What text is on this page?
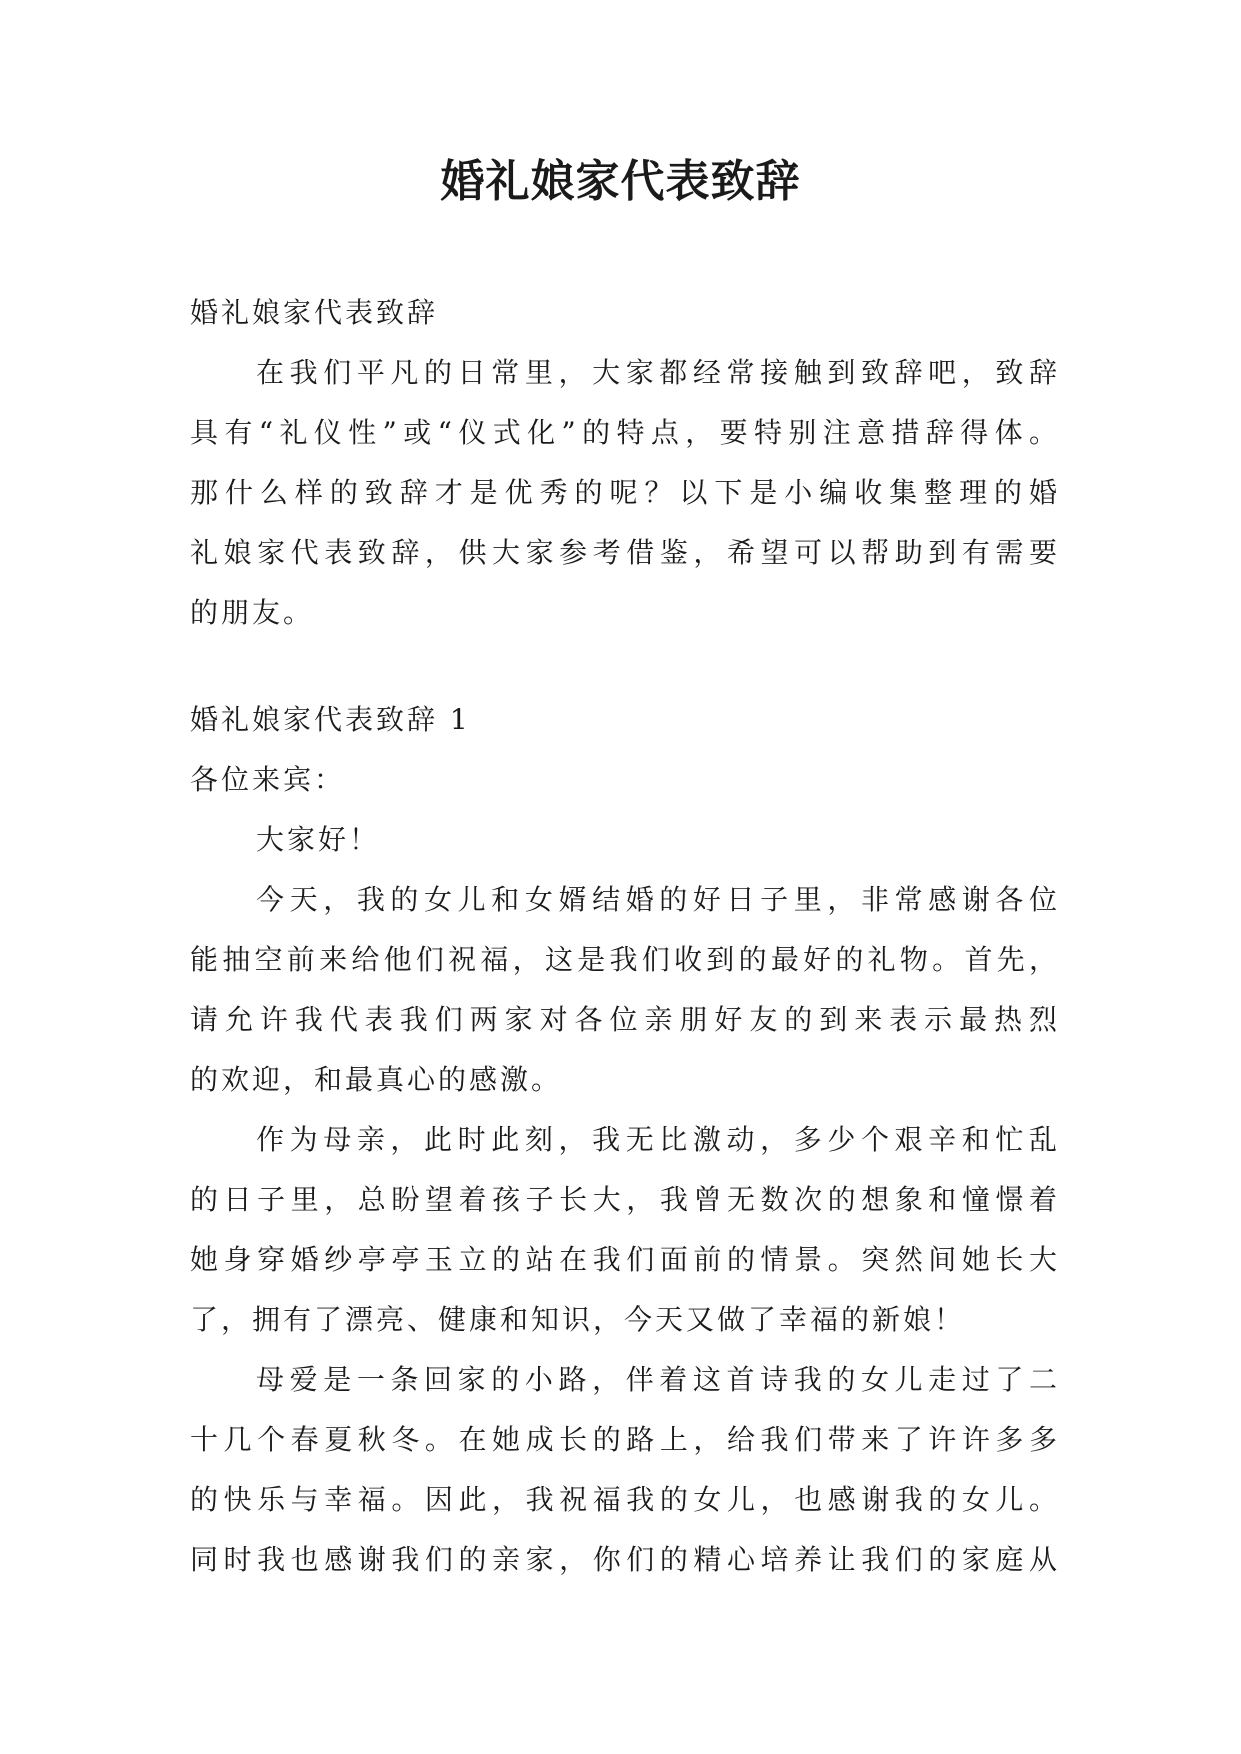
婚礼娘家代表致辞
婚礼娘家代表致辞
在我们平凡的日常里，大家都经常接触到致辞吧，致辞
具有“礼仪性”或“仪式化”的特点，要特别注意措辞得体。
那什么样的致辞才是优秀的呢？以下是小编收集整理的婚
礼娘家代表致辞，供大家参考借鉴，希望可以帮助到有需要
的朋友。
婚礼娘家代表致辞 1
各位来宾：
大家好！
今天，我的女儿和女婿结婚的好日子里，非常感谢各位
能抽空前来给他们祝福，这是我们收到的最好的礼物。首先，
请允许我代表我们两家对各位亲朋好友的到来表示最热烈
的欢迎，和最真心的感激。
作为母亲，此时此刻，我无比激动，多少个艰辛和忙乱
的日子里，总盼望着孩子长大，我曾无数次的想象和憧憬着
她身穿婚纱亭亭玉立的站在我们面前的情景。突然间她长大
了，拥有了漂亮、健康和知识，今天又做了幸福的新娘！
母爱是一条回家的小路，伴着这首诗我的女儿走过了二
十几个春夏秋冬。在她成长的路上，给我们带来了许许多多
的快乐与幸福。因此，我祝福我的女儿，也感谢我的女儿。
同时我也感谢我们的亲家，你们的精心培养让我们的家庭从
